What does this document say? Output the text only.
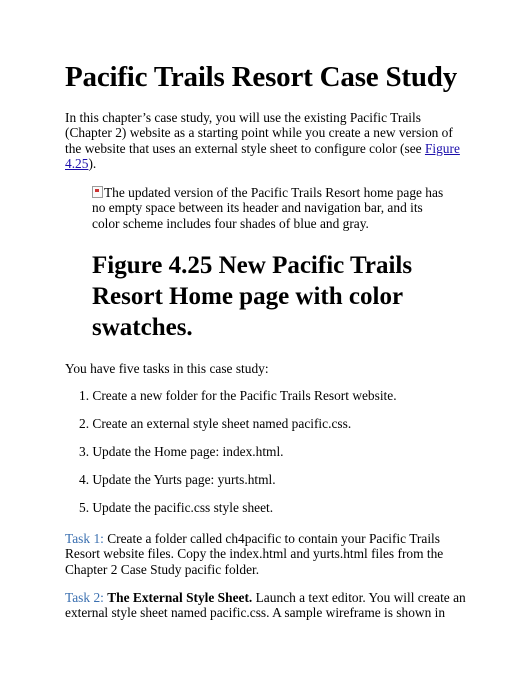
Pacific Trails Resort Case Study

In this chapter’s case study, you will use the existing Pacific Trails (Chapter 2) website as a starting point while you create a new version of the website that uses an external style sheet to configure color (see Figure 4.25).

The updated version of the Pacific Trails Resort home page has no empty space between its header and navigation bar, and its color scheme includes four shades of blue and gray.
Figure 4.25 New Pacific Trails Resort Home page with color swatches.

You have five tasks in this case study:

1. Create a new folder for the Pacific Trails Resort website.
2. Create an external style sheet named pacific.css.
3. Update the Home page: index.html.
4. Update the Yurts page: yurts.html.
5. Update the pacific.css style sheet.

Task 1: Create a folder called ch4pacific to contain your Pacific Trails Resort website files. Copy the index.html and yurts.html files from the Chapter 2 Case Study pacific folder.

Task 2: The External Style Sheet. Launch a text editor. You will create an external style sheet named pacific.css. A sample wireframe is shown in
